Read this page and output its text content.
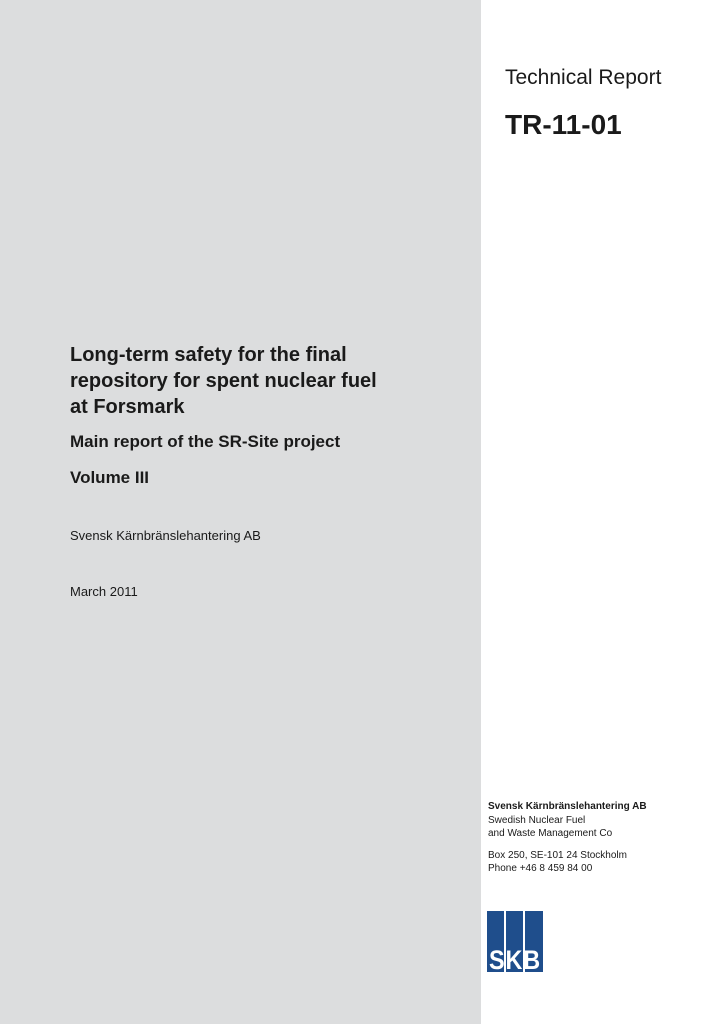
Technical Report
TR-11-01
Long-term safety for the final
repository for spent nuclear fuel
at Forsmark
Main report of the SR-Site project
Volume III
Svensk Kärnbränslehantering AB
March 2011
Svensk Kärnbränslehantering AB
Swedish Nuclear Fuel
and Waste Management Co
Box 250, SE-101 24 Stockholm
Phone +46 8 459 84 00
SKB
